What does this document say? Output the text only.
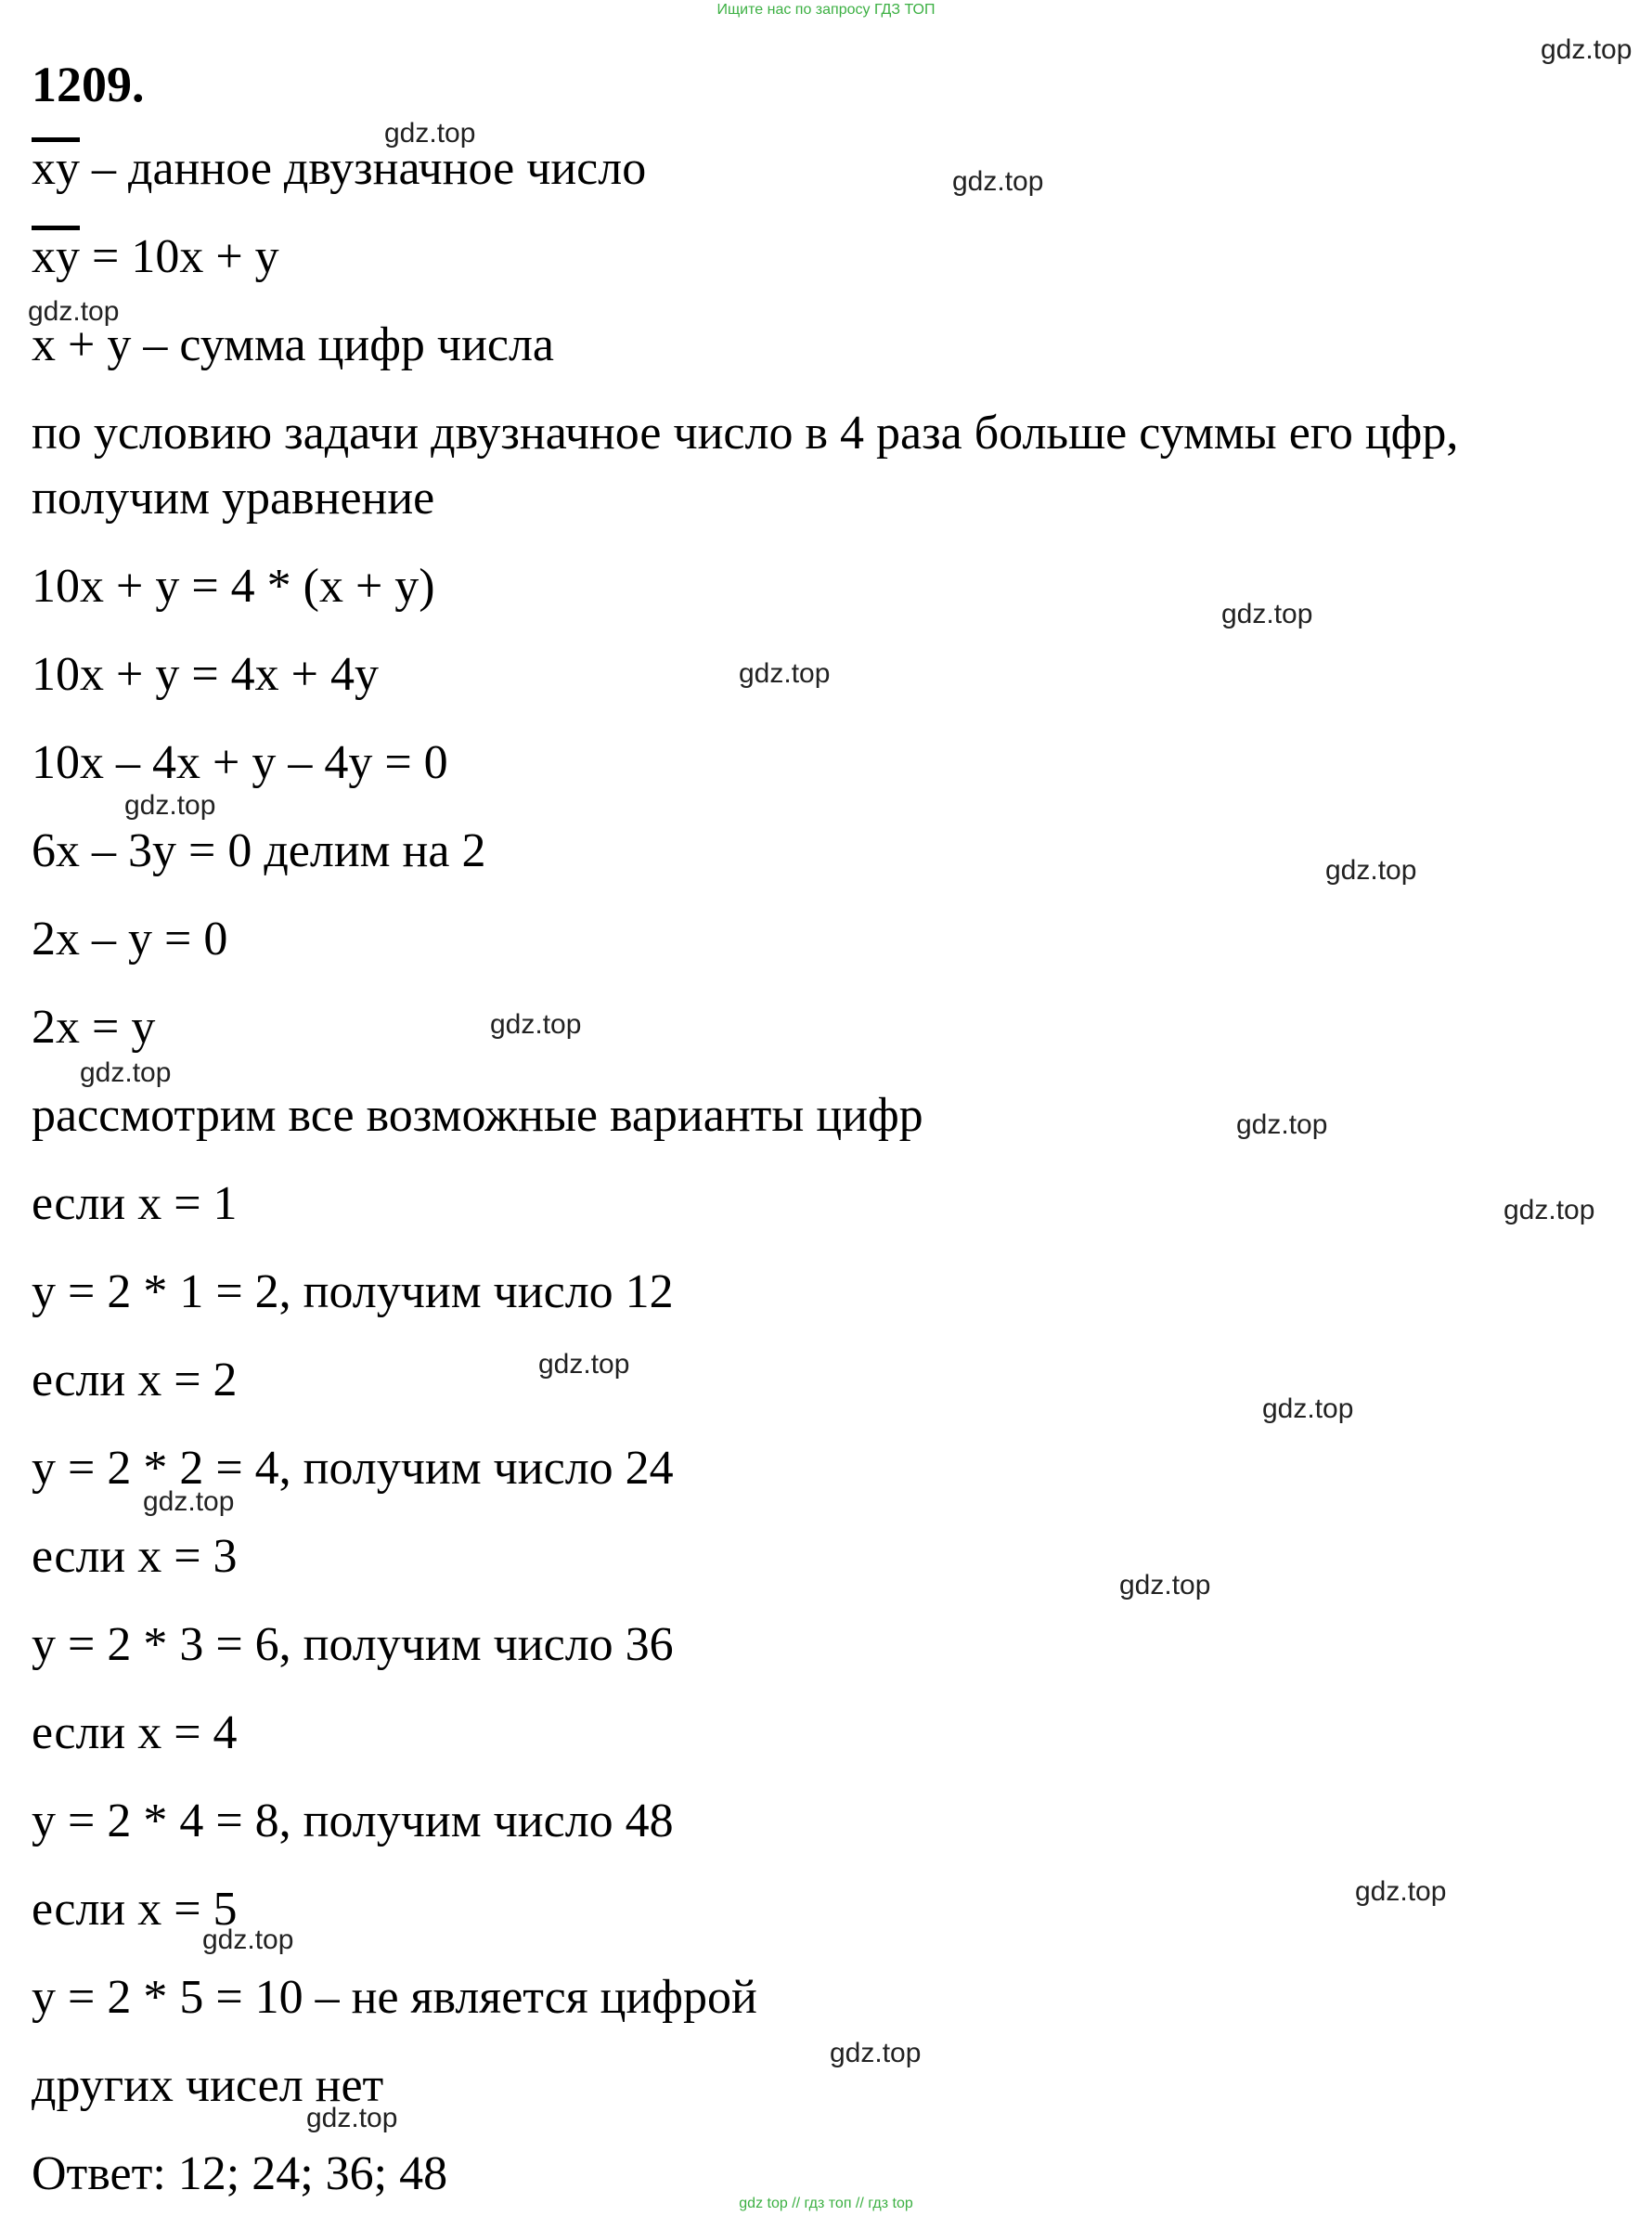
Ищите нас по запросу ГДЗ ТОП
1209.
$\overline{xy}$ – данное двузначное число
$\overline{xy} = 10x + y$
x + y – сумма цифр числа
по условию задачи двузначное число в 4 раза больше суммы его цфр,
получим уравнение
10x + y = 4 * (x + y)
10x + y = 4x + 4y
10x – 4x + y – 4y = 0
6x – 3y = 0 делим на 2
2x – y = 0
2x = y
рассмотрим все возможные варианты цифр
если x = 1
y = 2 * 1 = 2, получим число 12
если x = 2
y = 2 * 2 = 4, получим число 24
если x = 3
y = 2 * 3 = 6, получим число 36
если x = 4
y = 2 * 4 = 8, получим число 48
если x = 5
y = 2 * 5 = 10 – не является цифрой
других чисел нет
Ответ: 12; 24; 36; 48
gdz.top
gdz.top
gdz.top
gdz.top
gdz.top
gdz.top
gdz.top
gdz.top
gdz.top
gdz.top
gdz.top
gdz.top
gdz.top
gdz.top
gdz.top
gdz.top
gdz.top
gdz.top
gdz.top
gdz.top
gdz top // гдз топ // гдз top
